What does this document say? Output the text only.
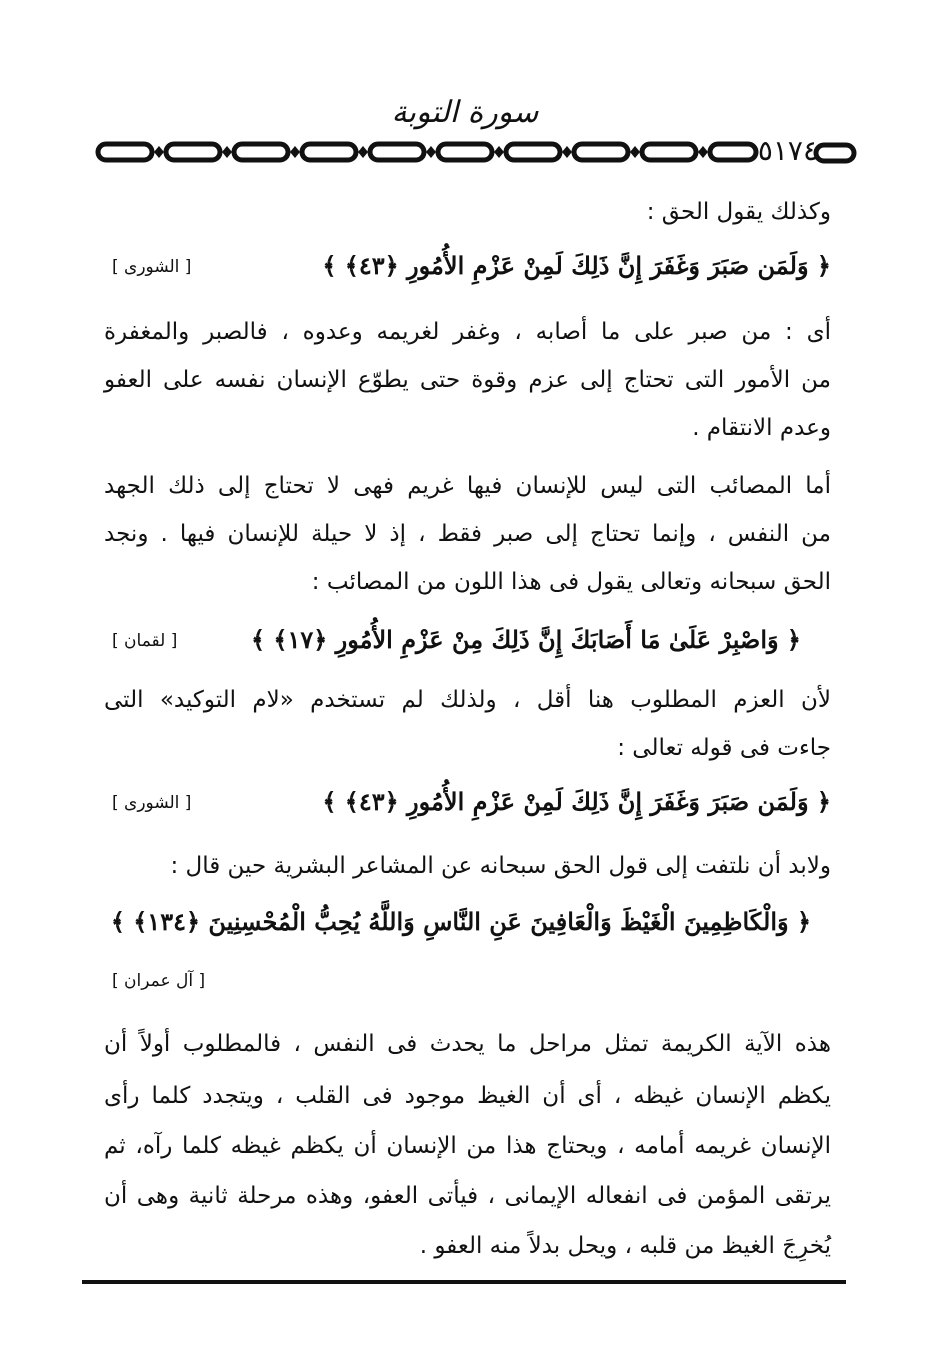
سورة التوبة
٥١٧٤
وكذلك يقول الحق :
﴿ وَلَمَن صَبَرَ وَغَفَرَ إِنَّ ذَلِكَ لَمِنْ عَزْمِ الأُمُورِ ﴿٤٣﴾ ﴾
[ الشورى ]
أى : من صبر على ما أصابه ، وغفر لغريمه وعدوه ، فالصبر والمغفرة
من الأمور التى تحتاج إلى عزم وقوة حتى يطوّع الإنسان نفسه على العفو
وعدم الانتقام .
أما المصائب التى ليس للإنسان فيها غريم فهى لا تحتاج إلى ذلك الجهد
من النفس ، وإنما تحتاج إلى صبر فقط ، إذ لا حيلة للإنسان فيها . ونجد
الحق سبحانه وتعالى يقول فى هذا اللون من المصائب :
﴿ وَاصْبِرْ عَلَىٰ مَا أَصَابَكَ إِنَّ ذَلِكَ مِنْ عَزْمِ الأُمُورِ ﴿١٧﴾ ﴾
[ لقمان ]
لأن العزم المطلوب هنا أقل ، ولذلك لم تستخدم «لام التوكيد» التى
جاءت فى قوله تعالى :
﴿ وَلَمَن صَبَرَ وَغَفَرَ إِنَّ ذَلِكَ لَمِنْ عَزْمِ الأُمُورِ ﴿٤٣﴾ ﴾
[ الشورى ]
ولابد أن نلتفت إلى قول الحق سبحانه عن المشاعر البشرية حين قال :
﴿ وَالْكَاظِمِينَ الْغَيْظَ وَالْعَافِينَ عَنِ النَّاسِ وَاللَّهُ يُحِبُّ الْمُحْسِنِينَ ﴿١٣٤﴾ ﴾
[ آل عمران ]
هذه الآية الكريمة تمثل مراحل ما يحدث فى النفس ، فالمطلوب أولاً أن
يكظم الإنسان غيظه ، أى أن الغيظ موجود فى القلب ، ويتجدد كلما رأى
الإنسان غريمه أمامه ، ويحتاج هذا من الإنسان أن يكظم غيظه كلما رآه، ثم
يرتقى المؤمن فى انفعاله الإيمانى ، فيأتى العفو، وهذه مرحلة ثانية وهى أن
يُخرِجَ الغيظ من قلبه ، ويحل بدلاً منه العفو .
